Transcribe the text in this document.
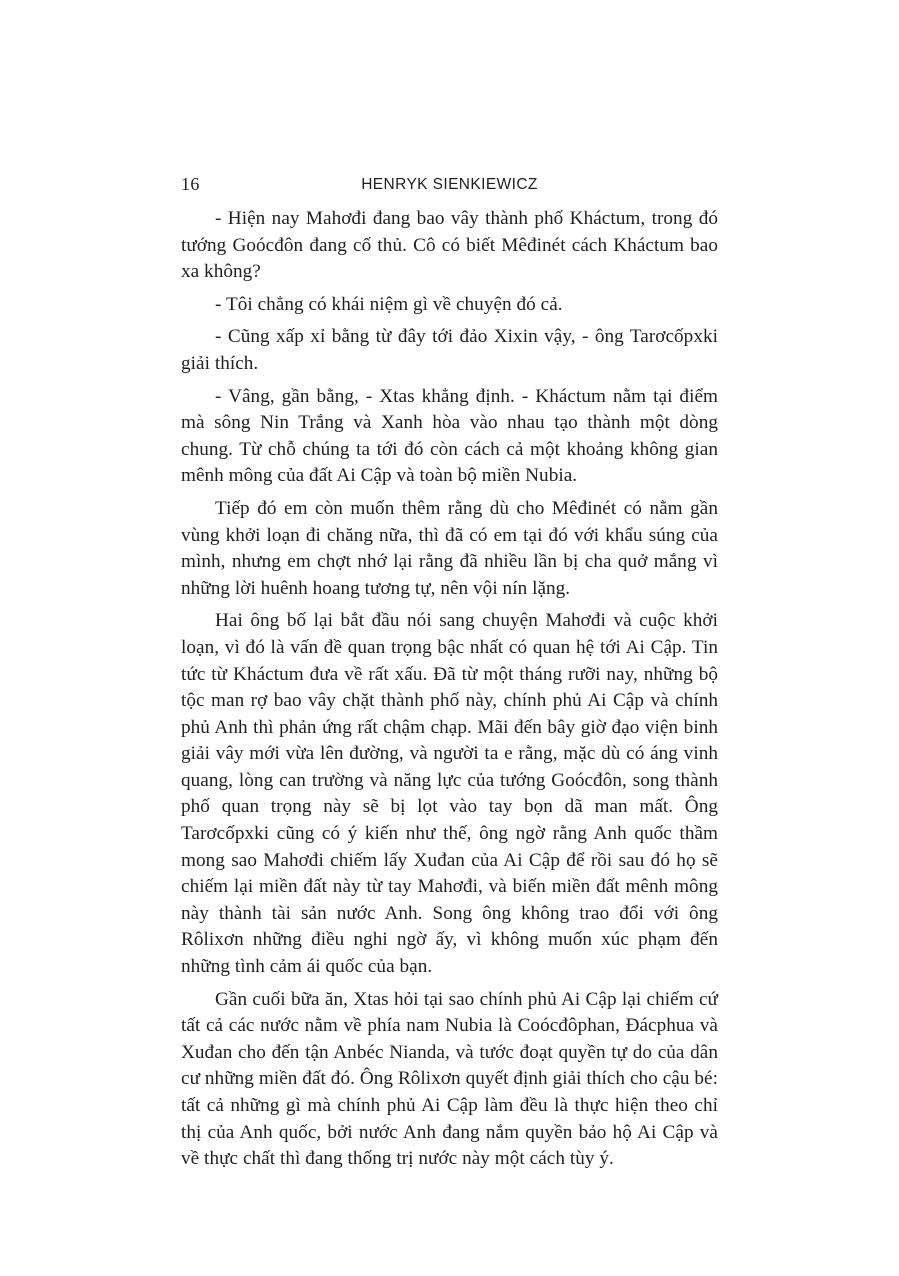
16	HENRYK SIENKIEWICZ

- Hiện nay Mahơđi đang bao vây thành phố Kháctum, trong đó tướng Goócđôn đang cố thủ. Cô có biết Mêđinét cách Kháctum bao xa không?

- Tôi chẳng có khái niệm gì về chuyện đó cả.

- Cũng xấp xỉ bằng từ đây tới đảo Xixin vậy, - ông Tarơcốpxki giải thích.

- Vâng, gần bằng, - Xtas khẳng định. - Kháctum nằm tại điểm mà sông Nin Trắng và Xanh hòa vào nhau tạo thành một dòng chung. Từ chỗ chúng ta tới đó còn cách cả một khoảng không gian mênh mông của đất Ai Cập và toàn bộ miền Nubia.

Tiếp đó em còn muốn thêm rằng dù cho Mêđinét có nằm gần vùng khởi loạn đi chăng nữa, thì đã có em tại đó với khẩu súng của mình, nhưng em chợt nhớ lại rằng đã nhiều lần bị cha quở mắng vì những lời huênh hoang tương tự, nên vội nín lặng.

Hai ông bố lại bắt đầu nói sang chuyện Mahơđi và cuộc khởi loạn, vì đó là vấn đề quan trọng bậc nhất có quan hệ tới Ai Cập. Tin tức từ Kháctum đưa về rất xấu. Đã từ một tháng rưỡi nay, những bộ tộc man rợ bao vây chặt thành phố này, chính phủ Ai Cập và chính phủ Anh thì phản ứng rất chậm chạp. Mãi đến bây giờ đạo viện binh giải vây mới vừa lên đường, và người ta e rằng, mặc dù có áng vinh quang, lòng can trường và năng lực của tướng Goócđôn, song thành phố quan trọng này sẽ bị lọt vào tay bọn dã man mất. Ông Tarơcốpxki cũng có ý kiến như thế, ông ngờ rằng Anh quốc thầm mong sao Mahơđi chiếm lấy Xuđan của Ai Cập để rồi sau đó họ sẽ chiếm lại miền đất này từ tay Mahơđi, và biến miền đất mênh mông này thành tài sản nước Anh. Song ông không trao đổi với ông Rôlixơn những điều nghi ngờ ấy, vì không muốn xúc phạm đến những tình cảm ái quốc của bạn.

Gần cuối bữa ăn, Xtas hỏi tại sao chính phủ Ai Cập lại chiếm cứ tất cả các nước nằm về phía nam Nubia là Coócđôphan, Đácphua và Xuđan cho đến tận Anbéc Nianda, và tước đoạt quyền tự do của dân cư những miền đất đó. Ông Rôlixơn quyết định giải thích cho cậu bé: tất cả những gì mà chính phủ Ai Cập làm đều là thực hiện theo chỉ thị của Anh quốc, bởi nước Anh đang nắm quyền bảo hộ Ai Cập và về thực chất thì đang thống trị nước này một cách tùy ý.
